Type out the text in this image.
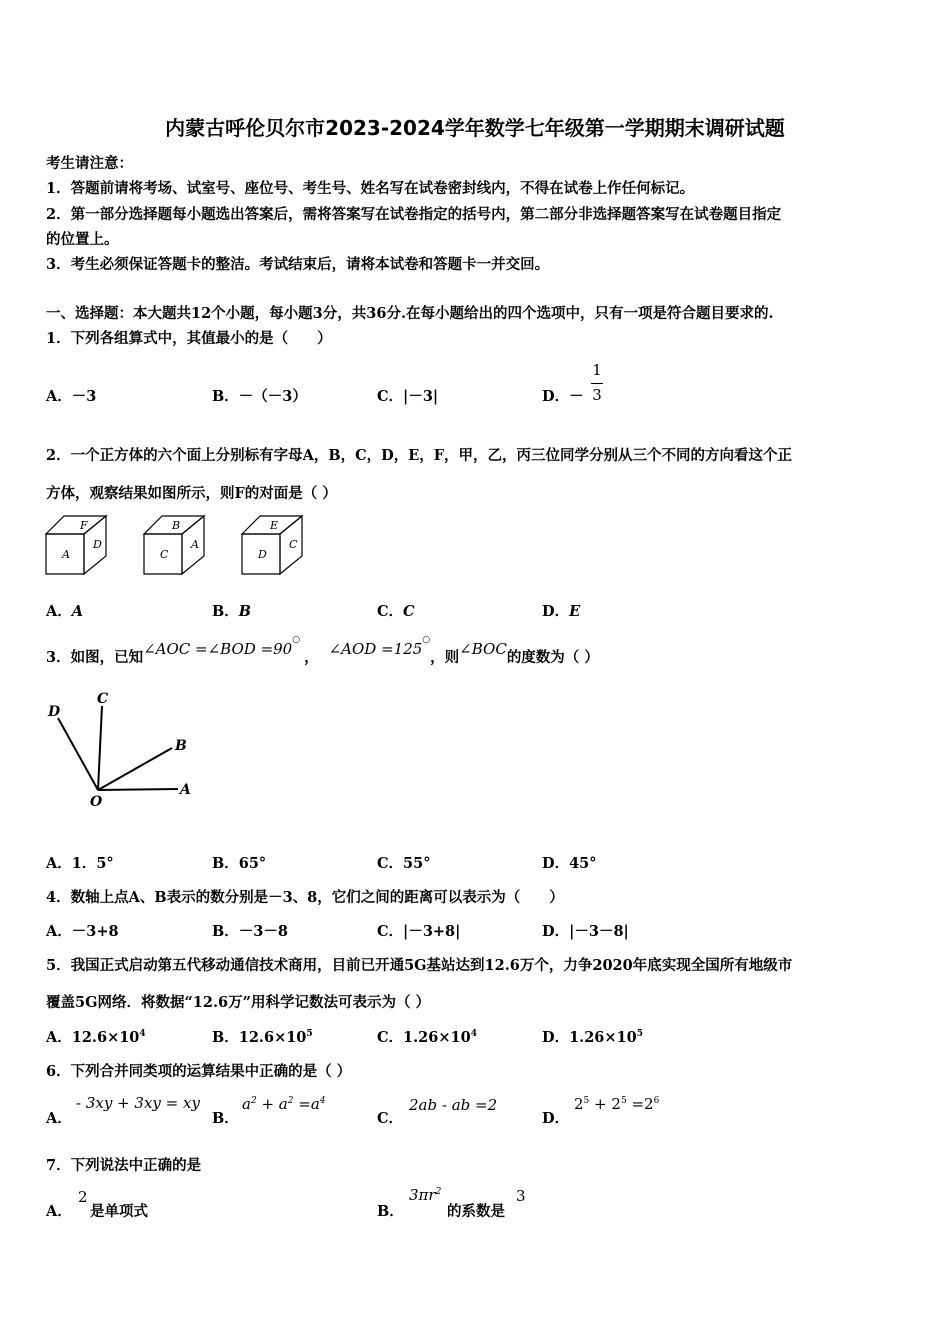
内蒙古呼伦贝尔市2023-2024学年数学七年级第一学期期末调研试题
考生请注意：
1．答题前请将考场、试室号、座位号、考生号、姓名写在试卷密封线内，不得在试卷上作任何标记。
2．第一部分选择题每小题选出答案后，需将答案写在试卷指定的括号内，第二部分非选择题答案写在试卷题目指定
的位置上。
3．考生必须保证答题卡的整洁。考试结束后，请将本试卷和答题卡一并交回。
一、选择题：本大题共12个小题，每小题3分，共36分.在每小题给出的四个选项中，只有一项是符合题目要求的.
1．下列各组算式中，其值最小的是（　　）
A．－3	B．－（－3）	C．|－3|	D．－
1
3
2．一个正方体的六个面上分别标有字母A，B，C，D，E，F，甲，乙，丙三位同学分别从三个不同的方向看这个正
方体，观察结果如图所示，则F的对面是（ ）
F
A
D
B
C
A
E
D
C
A．A	B．B	C．C	D．E
3．如图，已知∠AOC =∠BOD =90○， ∠AOD =125○，则∠BOC的度数为（ ）
D
C
B
O
A
A．1．5°	B．65°	C．55°	D．45°
4．数轴上点A、B表示的数分别是－3、8，它们之间的距离可以表示为（　　）
A．－3+8	B．－3－8	C．|－3+8|	D．|－3－8|
5．我国正式启动第五代移动通信技术商用，目前已开通5G基站达到12.6万个，力争2020年底实现全国所有地级市
覆盖5G网络．将数据“12.6万”用科学记数法可表示为（ ）
A．$12.6\times 10^4$	B．$12.6\times 10^5$	C．$1.26\times 10^4$	D．$1.26\times 10^5$
6．下列合并同类项的运算结果中正确的是（ ）
A．
- 3xy + 3xy = xy
B．
$a^2 + a^2 =a^4$
C．
2ab - ab =2
D．
$2^5 + 2^5 =2^6$
7．下列说法中正确的是
A．
2
是单项式	B．
$3\pi r^2$
的系数是
3
